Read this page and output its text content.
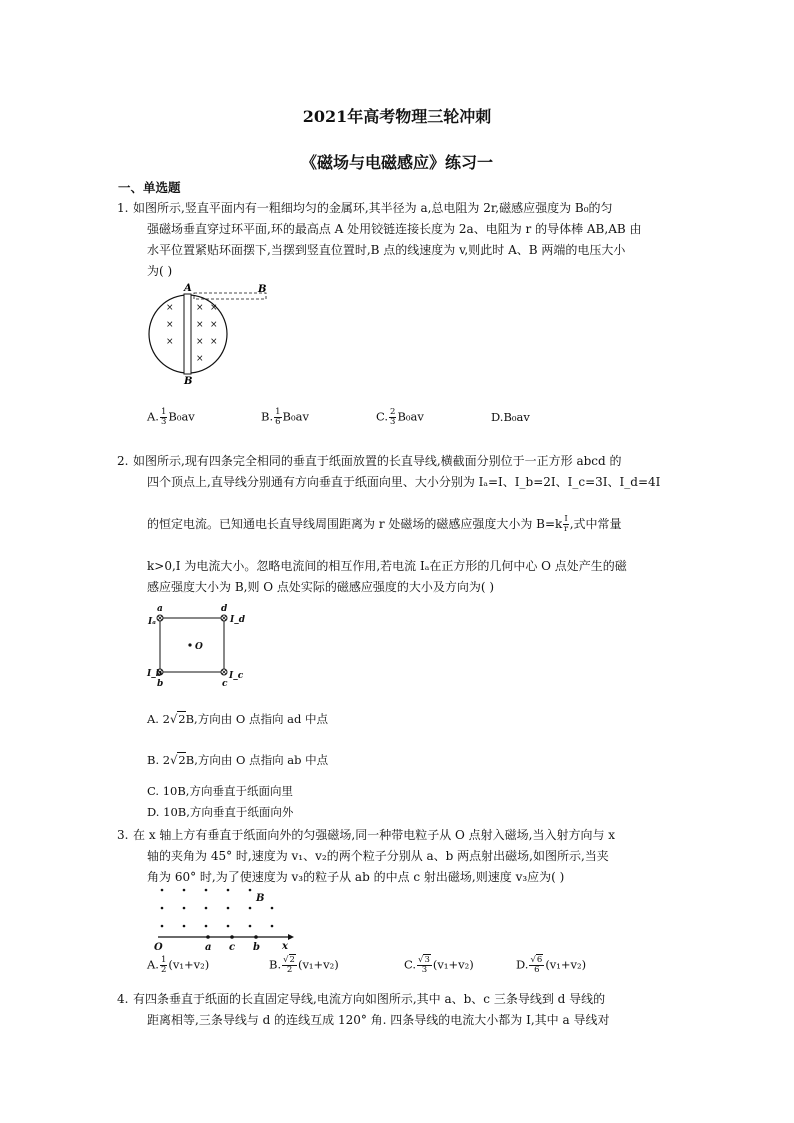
2021年高考物理三轮冲刺
《磁场与电磁感应》练习一
一、单选题
1. 如图所示,竖直平面内有一粗细均匀的金属环,其半径为 a,总电阻为 2r,磁感应强度为 B₀的匀
强磁场垂直穿过环平面,环的最高点 A 处用铰链连接长度为 2a、电阻为 r 的导体棒 AB,AB 由
水平位置紧贴环面摆下,当摆到竖直位置时,B 点的线速度为 v,则此时 A、B 两端的电压大小
为( )
×
×
×
×
×
×
×
×
×
×
A	B
B
A. $\frac{1}{3} B_0av$	B. $\frac{1}{6} B_0av$	C. $\frac{2}{3} B_0av$	D.B₀av
2. 如图所示,现有四条完全相同的垂直于纸面放置的长直导线,横截面分别位于一正方形 abcd 的
四个顶点上,直导线分别通有方向垂直于纸面向里、大小分别为 Iₐ=I、I_b=2I、I_c=3I、I_d=4I
的恒定电流。已知通电长直导线周围距离为 r 处磁场的磁感应强度大小为 $B=k \frac{I}{r}$ ,式中常量
k>0,I 为电流大小。忽略电流间的相互作用,若电流 Iₐ在正方形的几何中心 O 点处产生的磁
感应强度大小为 B,则 O 点处实际的磁感应强度的大小及方向为( )
a	d
b	c
Iₐ	I_d
I_b	I_c
O
A. 2√2B,方向由 O 点指向 ad 中点
B. 2√2B,方向由 O 点指向 ab 中点
C. 10B,方向垂直于纸面向里
D. 10B,方向垂直于纸面向外
3. 在 x 轴上方有垂直于纸面向外的匀强磁场,同一种带电粒子从 O 点射入磁场,当入射方向与 x
轴的夹角为 45° 时,速度为 v₁、v₂的两个粒子分别从 a、b 两点射出磁场,如图所示,当夹
角为 60° 时,为了使速度为 v₃的粒子从 ab 的中点 c 射出磁场,则速度 v₃应为( )
B
O	a c b x
A. $\frac{1}{2} (v_1+v_2)$	B. $\frac{√2}{2} (v_1+v_2)$	C. $\frac{√3}{3} (v_1+v_2)$	D. $\frac{√6}{6} (v_1+v_2)$
4. 有四条垂直于纸面的长直固定导线,电流方向如图所示,其中 a、b、c 三条导线到 d 导线的
距离相等,三条导线与 d 的连线互成 120° 角. 四条导线的电流大小都为 I,其中 a 导线对
